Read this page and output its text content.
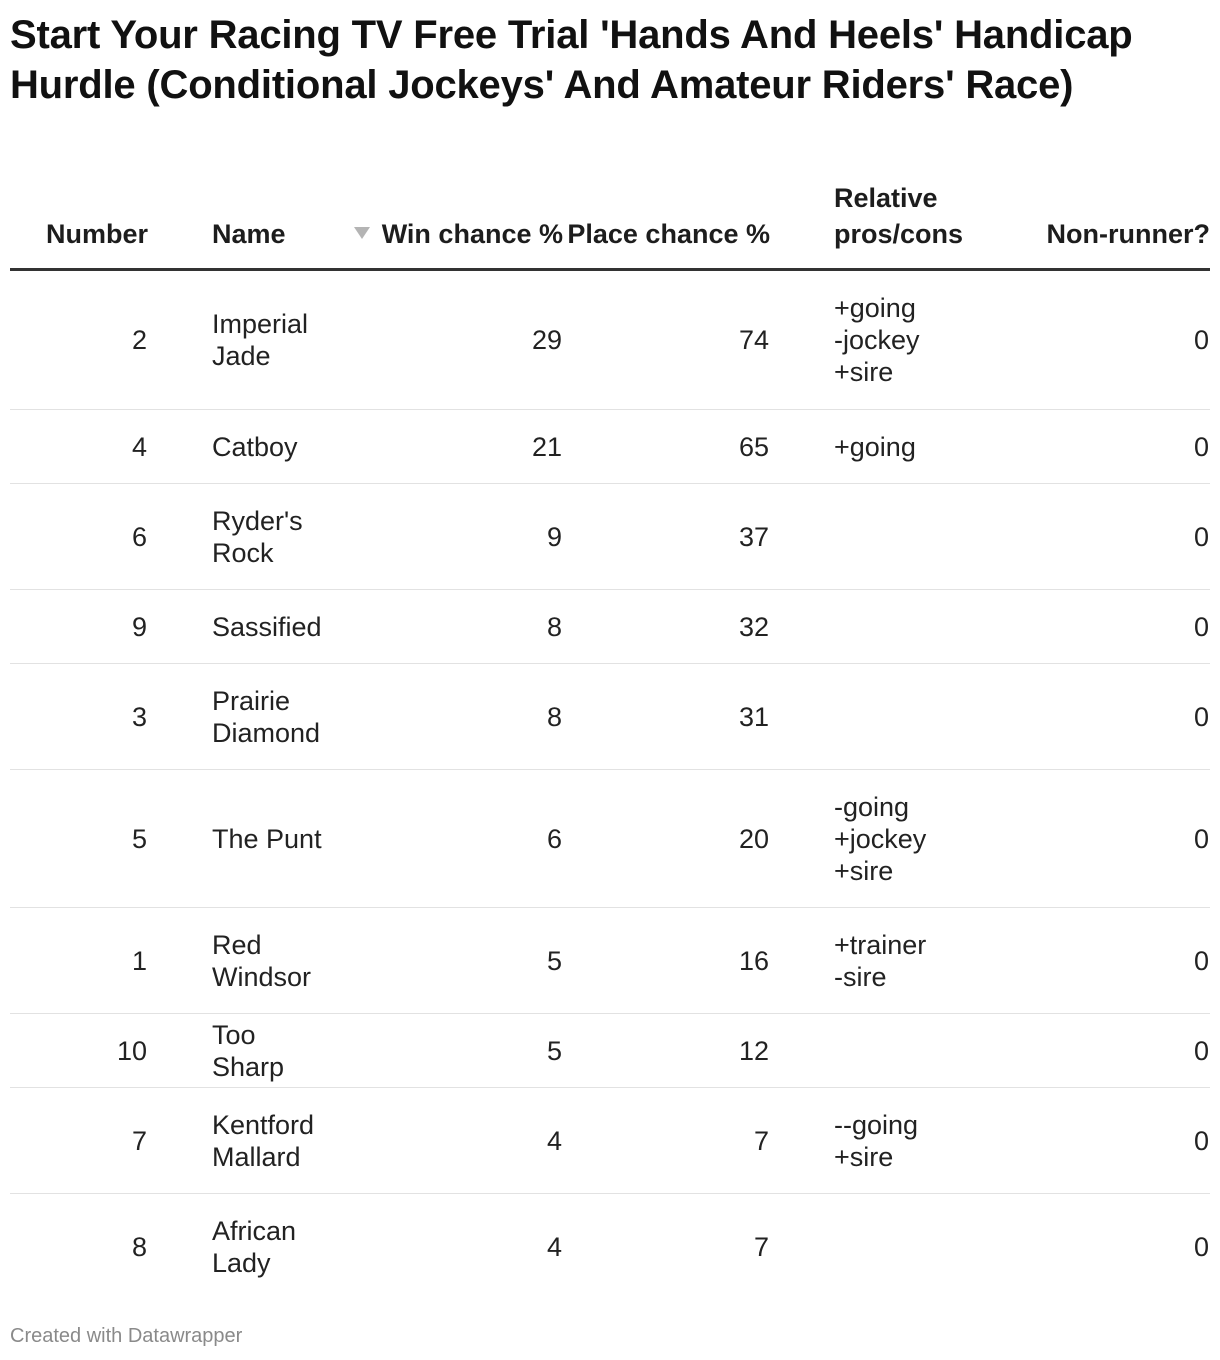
Start Your Racing TV Free Trial 'Hands And Heels' Handicap Hurdle (Conditional Jockeys' And Amateur Riders' Race)
Number	Name	Win chance %	Place chance %	Relative pros/cons	Non-runner?
2	Imperial Jade	29	74	+going
-jockey
+sire	0
4	Catboy	21	65	+going	0
6	Ryder's Rock	9	37		0
9	Sassified	8	32		0
3	Prairie Diamond	8	31		0
5	The Punt	6	20	-going
+jockey
+sire	0
1	Red Windsor	5	16	+trainer
-sire	0
10	Too Sharp	5	12		0
7	Kentford Mallard	4	7	--going
+sire	0
8	African Lady	4	7		0
Created with Datawrapper
